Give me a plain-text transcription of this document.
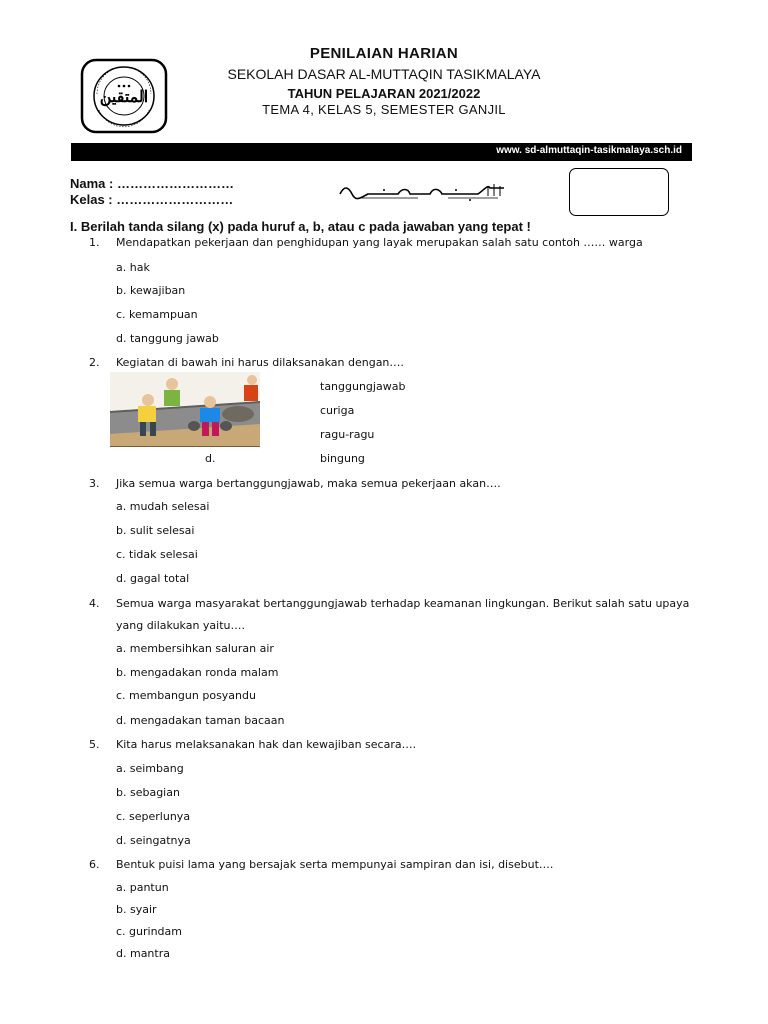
المتقين
PENILAIAN HARIAN
SEKOLAH DASAR AL-MUTTAQIN TASIKMALAYA
TAHUN PELAJARAN 2021/2022
TEMA 4, KELAS 5, SEMESTER GANJIL
www. sd-almuttaqin-tasikmalaya.sch.id
Nama : ………………………
Kelas : ………………………
I. Berilah tanda silang (x) pada huruf a, b, atau c pada jawaban yang tepat !
1. Mendapatkan pekerjaan dan penghidupan yang layak merupakan salah satu contoh …… warga
a. hak
b. kewajiban
c. kemampuan
d. tanggung jawab
2. Kegiatan di bawah ini harus dilaksanakan dengan….
tanggungjawab
curiga
ragu-ragu
d.	bingung
3. Jika semua warga bertanggungjawab, maka semua pekerjaan akan….
a. mudah selesai
b. sulit selesai
c. tidak selesai
d. gagal total
4. Semua warga masyarakat bertanggungjawab terhadap keamanan lingkungan. Berikut salah satu upaya
yang dilakukan yaitu….
a. membersihkan saluran air
b. mengadakan ronda malam
c. membangun posyandu
d. mengadakan taman bacaan
5. Kita harus melaksanakan hak dan kewajiban secara….
a. seimbang
b. sebagian
c. seperlunya
d. seingatnya
6. Bentuk puisi lama yang bersajak serta mempunyai sampiran dan isi, disebut….
a. pantun
b. syair
c. gurindam
d. mantra
